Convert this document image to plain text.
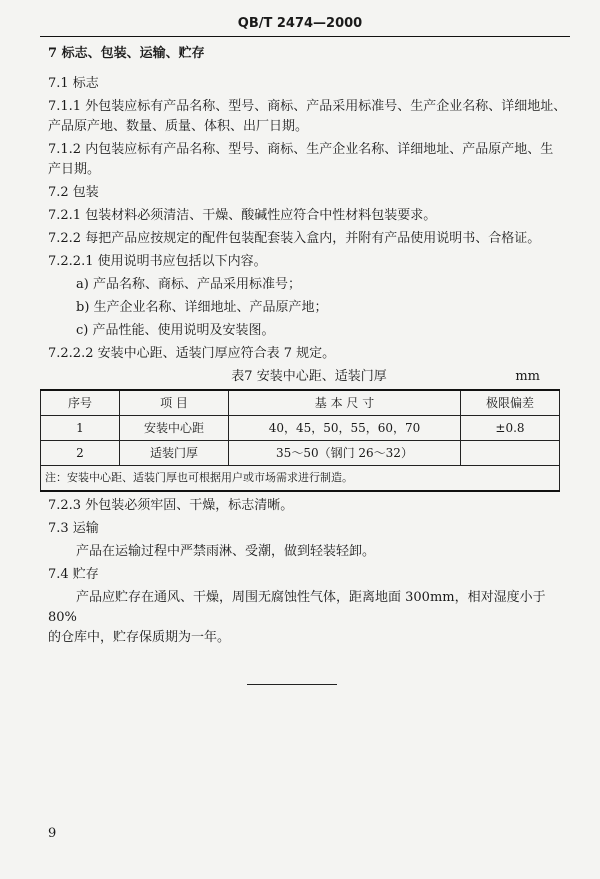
QB/T 2474—2000
7 标志、包装、运输、贮存
7.1 标志
7.1.1 外包装应标有产品名称、型号、商标、产品采用标准号、生产企业名称、详细地址、
产品原产地、数量、质量、体积、出厂日期。
7.1.2 内包装应标有产品名称、型号、商标、生产企业名称、详细地址、产品原产地、生
产日期。
7.2 包装
7.2.1 包装材料必须清洁、干燥、酸碱性应符合中性材料包装要求。
7.2.2 每把产品应按规定的配件包装配套装入盒内，并附有产品使用说明书、合格证。
7.2.2.1 使用说明书应包括以下内容。
a) 产品名称、商标、产品采用标准号；
b) 生产企业名称、详细地址、产品原产地；
c) 产品性能、使用说明及安装图。
7.2.2.2 安装中心距、适装门厚应符合表 7 规定。
表7 安装中心距、适装门厚	mm
序号	项 目	基 本 尺 寸	极限偏差
1	安装中心距	40，45，50，55，60，70	±0.8
2	适装门厚	35～50（钢门 26～32）	
注：安装中心距、适装门厚也可根据用户或市场需求进行制造。			
7.2.3 外包装必须牢固、干燥，标志清晰。
7.3 运输
产品在运输过程中严禁雨淋、受潮，做到轻装轻卸。
7.4 贮存
产品应贮存在通风、干燥，周围无腐蚀性气体，距离地面 300mm，相对湿度小于 80%
的仓库中，贮存保质期为一年。
9
